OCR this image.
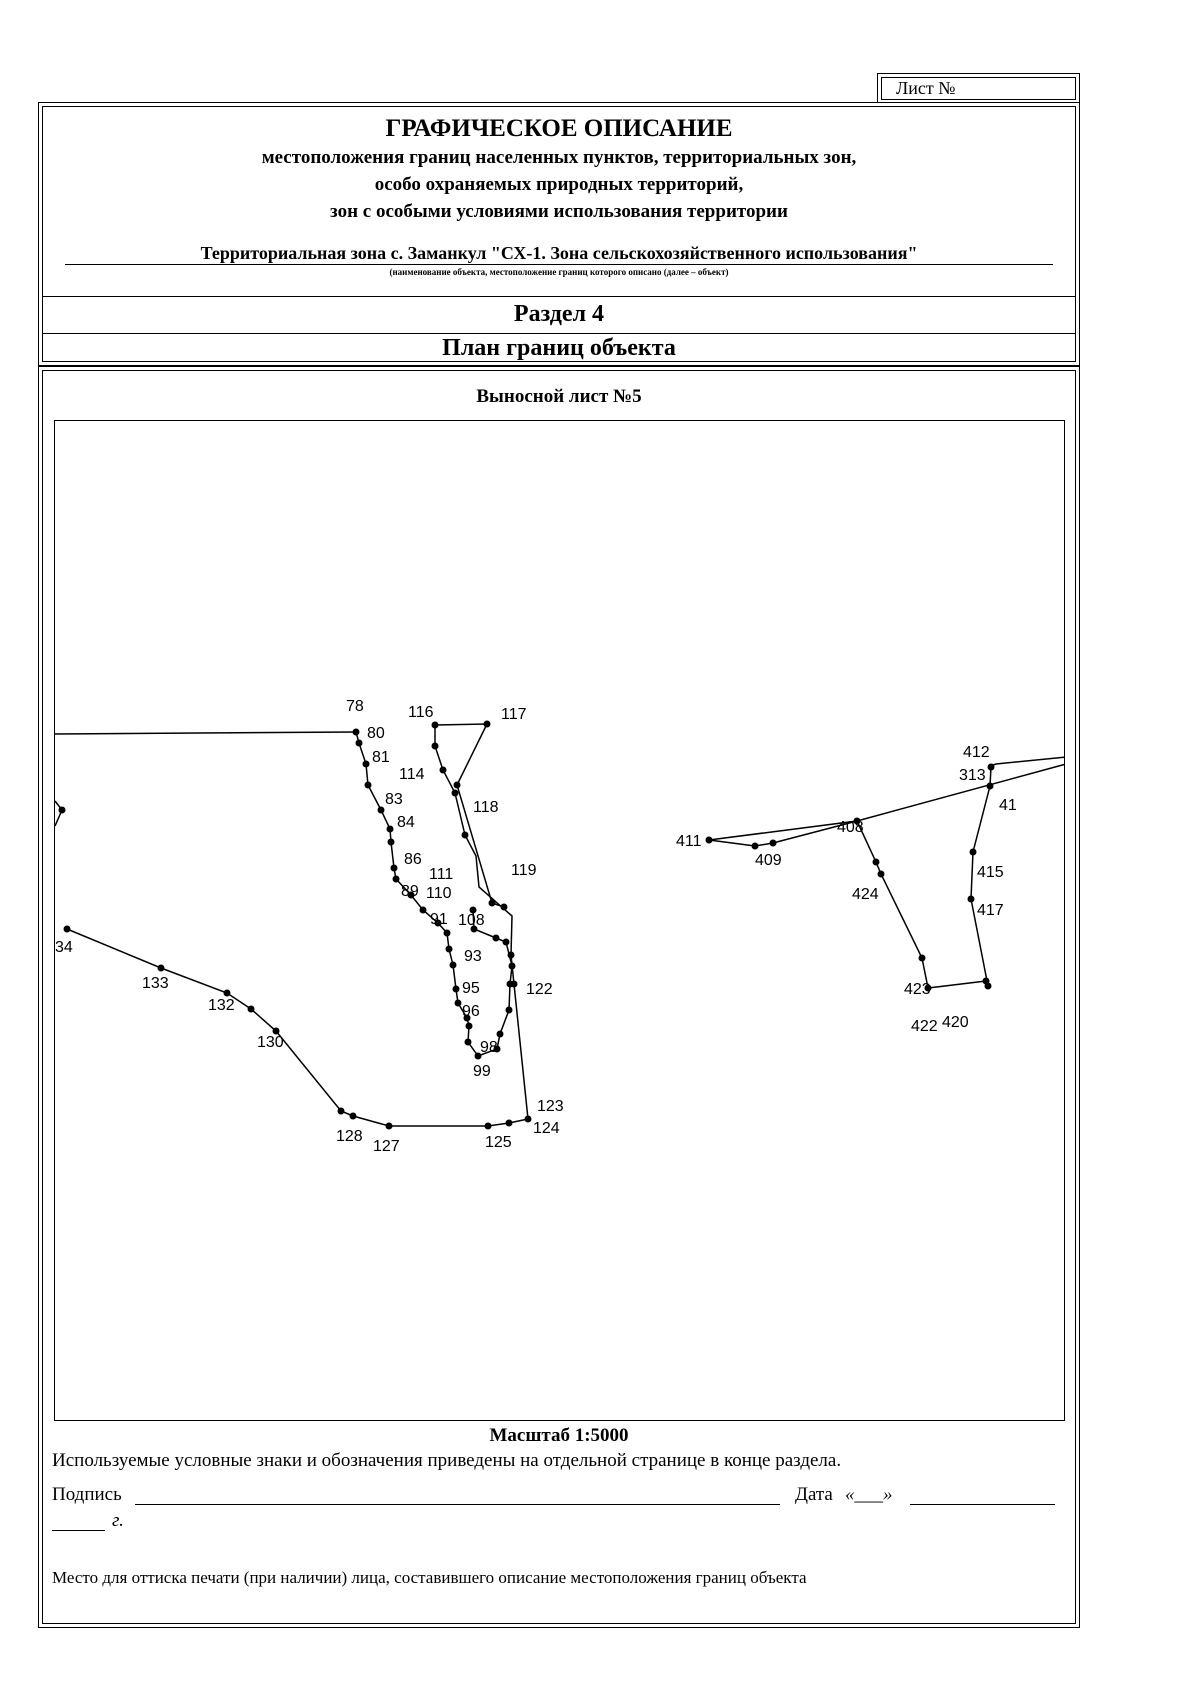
Лист №
ГРАФИЧЕСКОЕ ОПИСАНИЕ
местоположения границ населенных пунктов, территориальных зон,
особо охраняемых природных территорий,
зон с особыми условиями использования территории
Территориальная зона с. Заманкул "СХ-1. Зона сельскохозяйственного использования"
(наименование объекта, местоположение границ которого описано (далее – объект)
Раздел 4
План границ объекта
Выносной лист №5
78
80
81
83
84
86
89 110
91
93
95
96
98
99
116	117
114
118
111	119
108
122
123
124
125
127
128
130
132
133
34
411
409
408
412
313
41
415
417
424
423
422 420
Масштаб 1:5000
Используемые условные знаки и обозначения приведены на отдельной странице в конце раздела.
Подпись	Дата «___»
г.
Место для оттиска печати (при наличии) лица, составившего описание местоположения границ объекта
